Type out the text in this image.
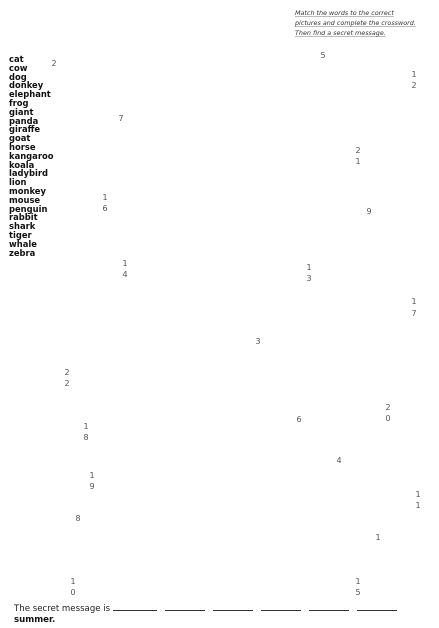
Match the words to the correct
pictures and complete the crossword.
Then find a secret message.
cat
cow
dog
donkey
elephant
frog
giant
panda
giraffe
goat
horse
kangaroo
koala
ladybird
lion
monkey
mouse
penguin
rabbit
shark
tiger
whale
zebra
2
5
1
2
7
2
1
9
1
6
1
4
1
3
1
7
3
2
2
2
0
6
1
8
4
1
9
1
1
8
1
1
0
1
5
The secret message is
summer.
